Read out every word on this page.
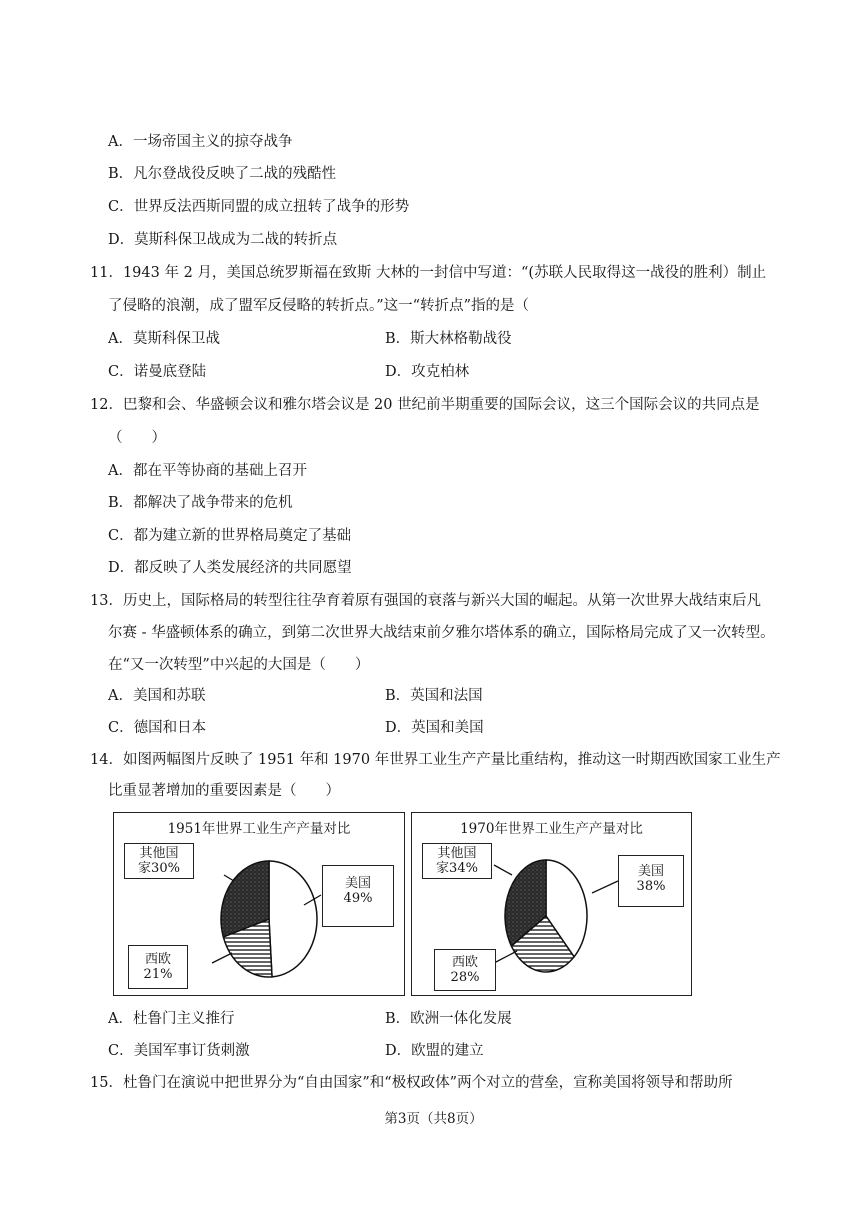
A．一场帝国主义的掠夺战争
B．凡尔登战役反映了二战的残酷性
C．世界反法西斯同盟的成立扭转了战争的形势
D．莫斯科保卫战成为二战的转折点
11．1943 年 2 月，美国总统罗斯福在致斯 大林的一封信中写道：“(苏联人民取得这一战役的胜利）制止
了侵略的浪潮，成了盟军反侵略的转折点。”这一“转折点”指的是（
A．莫斯科保卫战	B．斯大林格勒战役
C．诺曼底登陆	D．攻克柏林
12．巴黎和会、华盛顿会议和雅尔塔会议是 20 世纪前半期重要的国际会议，这三个国际会议的共同点是
（　　）
A．都在平等协商的基础上召开
B．都解决了战争带来的危机
C．都为建立新的世界格局奠定了基础
D．都反映了人类发展经济的共同愿望
13．历史上，国际格局的转型往往孕育着原有强国的衰落与新兴大国的崛起。从第一次世界大战结束后凡
尔赛 - 华盛顿体系的确立，到第二次世界大战结束前夕雅尔塔体系的确立，国际格局完成了又一次转型。
在“又一次转型”中兴起的大国是（　　）
A．美国和苏联	B．英国和法国
C．德国和日本	D．英国和美国
14．如图两幅图片反映了 1951 年和 1970 年世界工业生产产量比重结构，推动这一时期西欧国家工业生产
比重显著增加的重要因素是（　　）
1951年世界工业生产产量对比
其他国
家30%
美国
49%
西欧
21%
1970年世界工业生产产量对比
其他国
家34%	美国
38%
西欧
28%
A．杜鲁门主义推行	B．欧洲一体化发展
C．美国军事订货刺激	D．欧盟的建立
15．杜鲁门在演说中把世界分为“自由国家”和“极权政体”两个对立的营垒，宣称美国将领导和帮助所
第3页（共8页）
